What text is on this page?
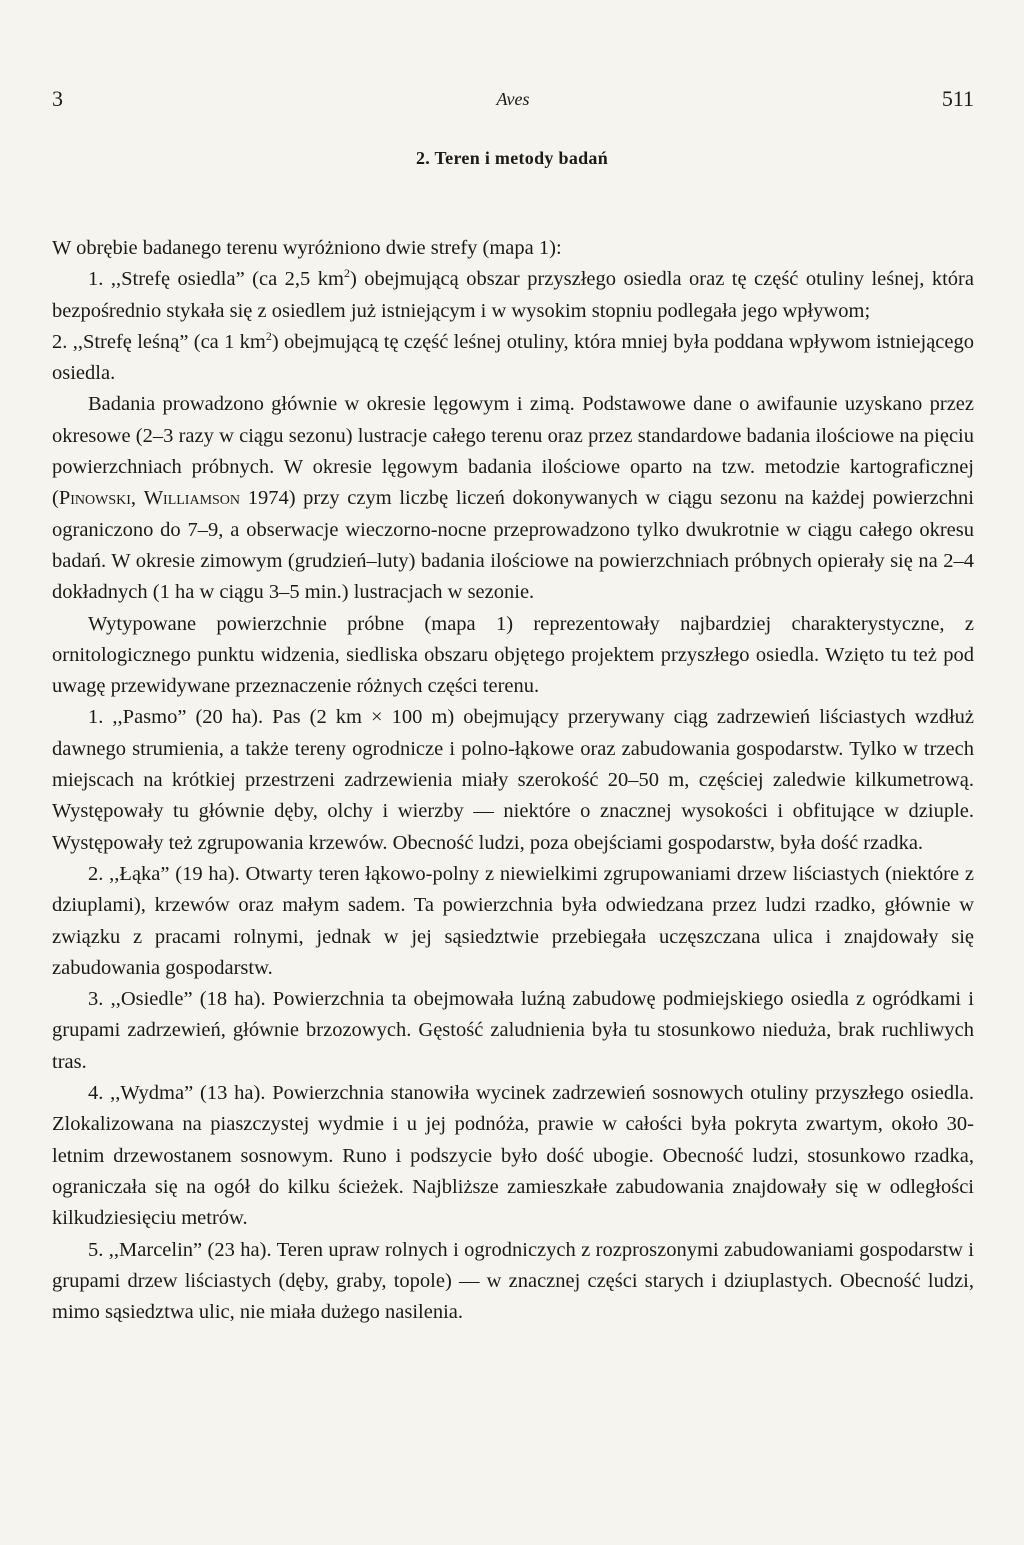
3	Aves	511
2. Teren i metody badań

W obrębie badanego terenu wyróżniono dwie strefy (mapa 1):

1. ,,Strefę osiedla” (ca 2,5 $km^2$) obejmującą obszar przyszłego osiedla oraz tę część otuliny leśnej, która bezpośrednio stykała się z osiedlem już istniejącym i w wysokim stopniu podlegała jego wpływom;

2. ,,Strefę leśną” (ca 1 $km^2$) obejmującą tę część leśnej otuliny, która mniej była poddana wpływom istniejącego osiedla.

Badania prowadzono głównie w okresie lęgowym i zimą. Podstawowe dane o awifaunie uzyskano przez okresowe (2–3 razy w ciągu sezonu) lustracje całego terenu oraz przez standardowe badania ilościowe na pięciu powierzchniach próbnych. W okresie lęgowym badania ilościowe oparto na tzw. metodzie kartograficznej (Pinowski, Williamson 1974) przy czym liczbę liczeń dokonywanych w ciągu sezonu na każdej powierzchni ograniczono do 7–9, a obserwacje wieczorno-nocne przeprowadzono tylko dwukrotnie w ciągu całego okresu badań. W okresie zimowym (grudzień–luty) badania ilościowe na powierzchniach próbnych opierały się na 2–4 dokładnych (1 ha w ciągu 3–5 min.) lustracjach w sezonie.

Wytypowane powierzchnie próbne (mapa 1) reprezentowały najbardziej charakterystyczne, z ornitologicznego punktu widzenia, siedliska obszaru objętego projektem przyszłego osiedla. Wzięto tu też pod uwagę przewidywane przeznaczenie różnych części terenu.

1. ,,Pasmo” (20 ha). Pas (2 km × 100 m) obejmujący przerywany ciąg zadrzewień liściastych wzdłuż dawnego strumienia, a także tereny ogrodnicze i polno-łąkowe oraz zabudowania gospodarstw. Tylko w trzech miejscach na krótkiej przestrzeni zadrzewienia miały szerokość 20–50 m, częściej zaledwie kilkumetrową. Występowały tu głównie dęby, olchy i wierzby — niektóre o znacznej wysokości i obfitujące w dziuple. Występowały też zgrupowania krzewów. Obecność ludzi, poza obejściami gospodarstw, była dość rzadka.

2. ,,Łąka” (19 ha). Otwarty teren łąkowo-polny z niewielkimi zgrupowaniami drzew liściastych (niektóre z dziuplami), krzewów oraz małym sadem. Ta powierzchnia była odwiedzana przez ludzi rzadko, głównie w związku z pracami rolnymi, jednak w jej sąsiedztwie przebiegała uczęszczana ulica i znajdowały się zabudowania gospodarstw.

3. ,,Osiedle” (18 ha). Powierzchnia ta obejmowała luźną zabudowę podmiejskiego osiedla z ogródkami i grupami zadrzewień, głównie brzozowych. Gęstość zaludnienia była tu stosunkowo nieduża, brak ruchliwych tras.

4. ,,Wydma” (13 ha). Powierzchnia stanowiła wycinek zadrzewień sosnowych otuliny przyszłego osiedla. Zlokalizowana na piaszczystej wydmie i u jej podnóża, prawie w całości była pokryta zwartym, około 30-letnim drzewostanem sosnowym. Runo i podszycie było dość ubogie. Obecność ludzi, stosunkowo rzadka, ograniczała się na ogół do kilku ścieżek. Najbliższe zamieszkałe zabudowania znajdowały się w odległości kilkudziesięciu metrów.

5. ,,Marcelin” (23 ha). Teren upraw rolnych i ogrodniczych z rozproszonymi zabudowaniami gospodarstw i grupami drzew liściastych (dęby, graby, topole) — w znacznej części starych i dziuplastych. Obecność ludzi, mimo sąsiedztwa ulic, nie miała dużego nasilenia.
